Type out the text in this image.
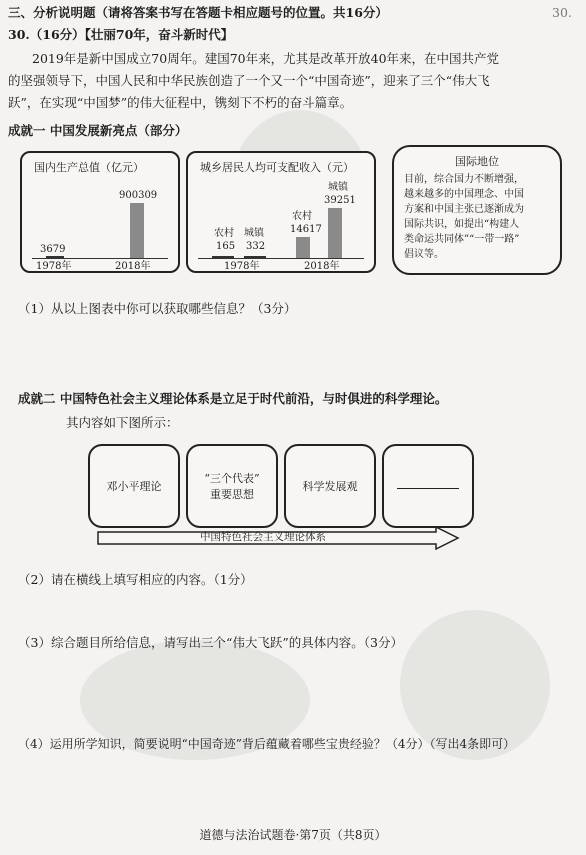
三、分析说明题（请将答案书写在答题卡相应题号的位置。共16分）	30.
30.（16分）【壮丽70年，奋斗新时代】
2019年是新中国成立70周年。建国70年来，尤其是改革开放40年来，在中国共产党
的坚强领导下，中国人民和中华民族创造了一个又一个“中国奇迹”，迎来了三个“伟大飞
跃”，在实现“中国梦”的伟大征程中，镌刻下不朽的奋斗篇章。
成就一 中国发展新亮点（部分）
国内生产总值（亿元）
900309
3679
1978年	2018年
城乡居民人均可支配收入（元）
农村
165
城镇
332
农村
14617
城镇
39251
1978年	2018年
国际地位
目前，综合国力不断增强，
越来越多的中国理念、中国
方案和中国主张已逐渐成为
国际共识，如提出“构建人
类命运共同体”“一带一路”
倡议等。
（1）从以上图表中你可以获取哪些信息？（3分）
成就二 中国特色社会主义理论体系是立足于时代前沿，与时俱进的科学理论。
其内容如下图所示：
邓小平理论
“三个代表”
重要思想
科学发展观
中国特色社会主义理论体系
（2）请在横线上填写相应的内容。（1分）
（3）综合题目所给信息，请写出三个“伟大飞跃”的具体内容。（3分）
（4）运用所学知识，简要说明“中国奇迹”背后蕴藏着哪些宝贵经验？（4分）（写出4条即可）
道德与法治试题卷·第7页（共8页）
